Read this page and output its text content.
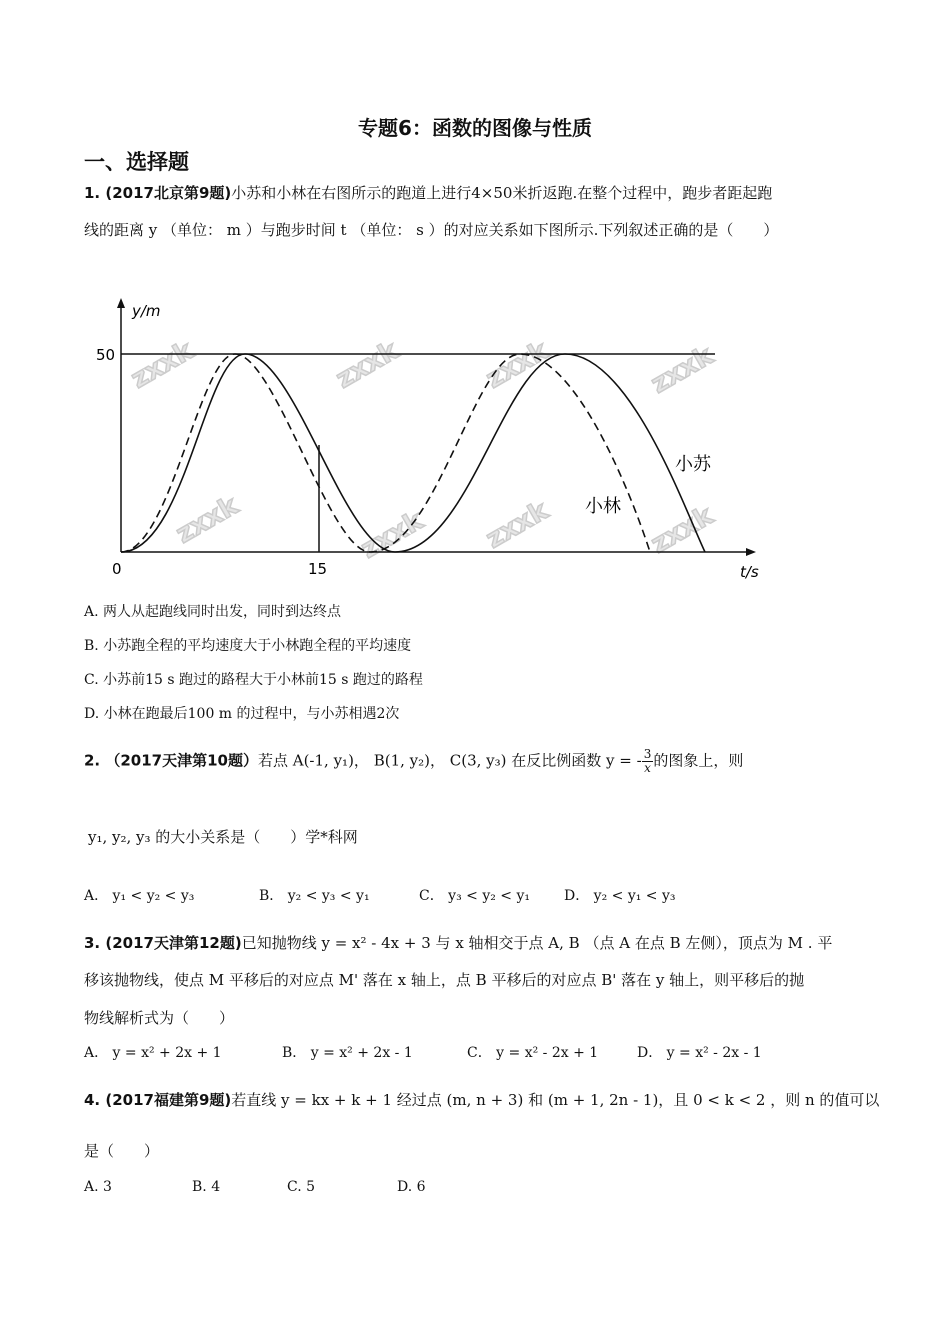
专题6：函数的图像与性质
一、选择题
1. (2017北京第9题)小苏和小林在右图所示的跑道上进行4×50米折返跑.在整个过程中，跑步者距起跑
线的距离 y （单位： m ）与跑步时间 t （单位： s ）的对应关系如下图所示.下列叙述正确的是（　　）
zxxk	zxxk	zxxk	zxxk
zxxk	zxxk zxxk	zxxk
y/m
t/s
50
0	15
小苏
小林
A. 两人从起跑线同时出发，同时到达终点
B. 小苏跑全程的平均速度大于小林跑全程的平均速度
C. 小苏前15 s 跑过的路程大于小林前15 s 跑过的路程
D. 小林在跑最后100 m 的过程中，与小苏相遇2次
2. （2017天津第10题）若点 A(-1, y₁)， B(1, y₂)， C(3, y₃) 在反比例函数 y = - $\frac{3}{x}$ 的图象上，则
y₁, y₂, y₃ 的大小关系是（　　）学*科网
A． y₁ < y₂ < y₃	B． y₂ < y₃ < y₁	C． y₃ < y₂ < y₁ D． y₂ < y₁ < y₃
3. (2017天津第12题)已知抛物线 y = x² - 4x + 3 与 x 轴相交于点 A, B （点 A 在点 B 左侧），顶点为 M . 平
移该抛物线，使点 M 平移后的对应点 M' 落在 x 轴上，点 B 平移后的对应点 B' 落在 y 轴上，则平移后的抛
物线解析式为（　　）
A． y = x² + 2x + 1	B． y = x² + 2x - 1	C． y = x² - 2x + 1	D． y = x² - 2x - 1
4. (2017福建第9题)若直线 y = kx + k + 1 经过点 (m, n + 3) 和 (m + 1, 2n - 1)，且 0 < k < 2 ，则 n 的值可以
是（　　）
A. 3	B. 4	C. 5	D. 6
